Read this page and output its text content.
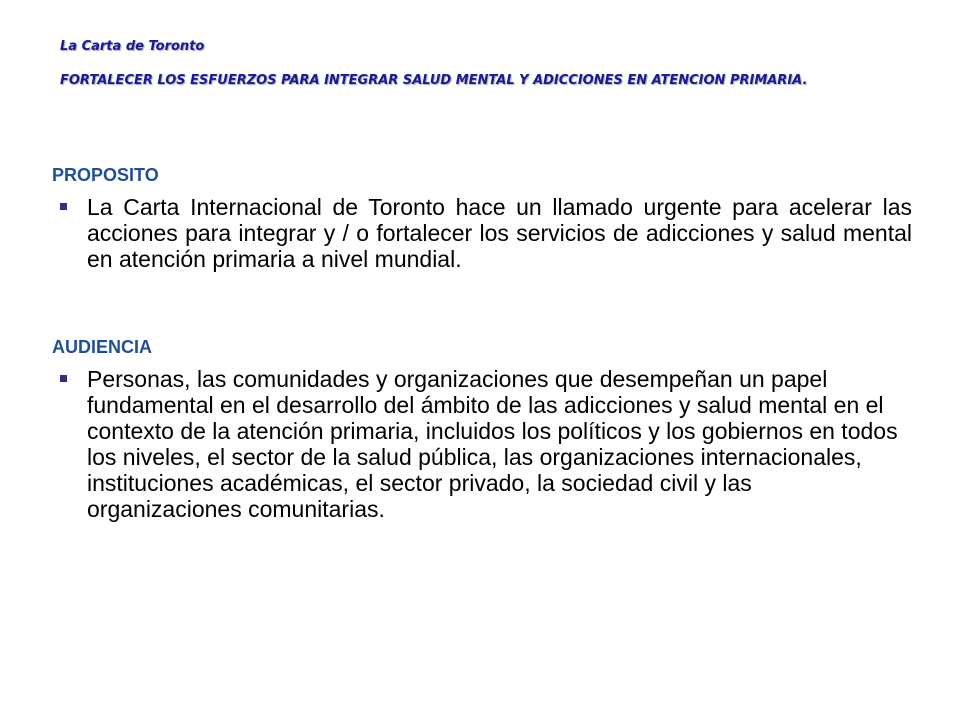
La Carta de Toronto
FORTALECER LOS ESFUERZOS PARA INTEGRAR SALUD MENTAL Y ADICCIONES EN ATENCION PRIMARIA.
PROPOSITO
La Carta Internacional de Toronto hace un llamado urgente para acelerar las acciones para integrar y / o fortalecer los servicios de adicciones y salud mental en atención primaria a nivel mundial.
AUDIENCIA
Personas, las comunidades y organizaciones que desempeñan un papel fundamental en el desarrollo del ámbito de las adicciones y salud mental en el contexto de la atención primaria, incluidos los políticos y los gobiernos en todos los niveles, el sector de la salud pública, las organizaciones internacionales, instituciones académicas, el sector privado, la sociedad civil y las organizaciones comunitarias.
